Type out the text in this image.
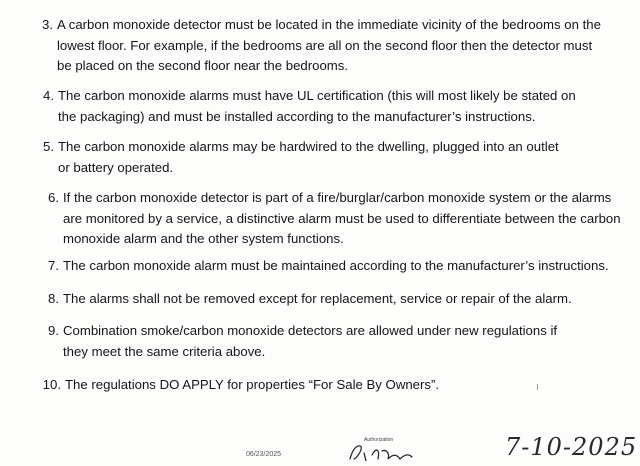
3. A carbon monoxide detector must be located in the immediate vicinity of the bedrooms on the lowest floor. For example, if the bedrooms are all on the second floor then the detector must be placed on the second floor near the bedrooms.
4. The carbon monoxide alarms must have UL certification (this will most likely be stated on the packaging) and must be installed according to the manufacturer’s instructions.
5. The carbon monoxide alarms may be hardwired to the dwelling, plugged into an outlet or battery operated.
6. If the carbon monoxide detector is part of a fire/burglar/carbon monoxide system or the alarms are monitored by a service, a distinctive alarm must be used to differentiate between the carbon monoxide alarm and the other system functions.
7. The carbon monoxide alarm must be maintained according to the manufacturer’s instructions.
8. The alarms shall not be removed except for replacement, service or repair of the alarm.
9. Combination smoke/carbon monoxide detectors are allowed under new regulations if they meet the same criteria above.
10. The regulations DO APPLY for properties “For Sale By Owners”.
06/23/2025
Authorization	7-10-2025
